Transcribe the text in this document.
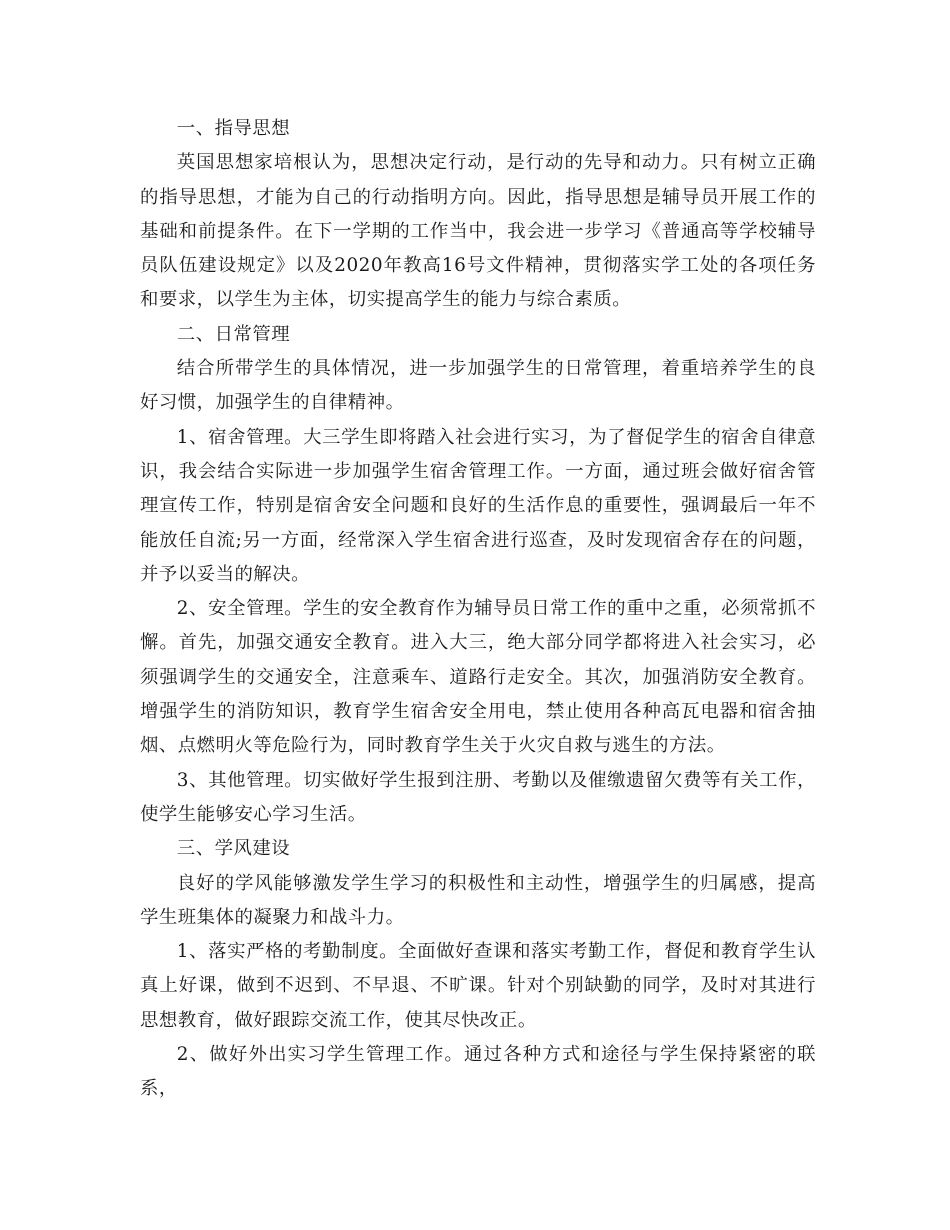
一、指导思想

英国思想家培根认为，思想决定行动，是行动的先导和动力。只有树立正确的指导思想，才能为自己的行动指明方向。因此，指导思想是辅导员开展工作的基础和前提条件。在下一学期的工作当中，我会进一步学习《普通高等学校辅导员队伍建设规定》以及2020年教高16号文件精神，贯彻落实学工处的各项任务和要求，以学生为主体，切实提高学生的能力与综合素质。

二、日常管理

结合所带学生的具体情况，进一步加强学生的日常管理，着重培养学生的良好习惯，加强学生的自律精神。

1、宿舍管理。大三学生即将踏入社会进行实习，为了督促学生的宿舍自律意识，我会结合实际进一步加强学生宿舍管理工作。一方面，通过班会做好宿舍管理宣传工作，特别是宿舍安全问题和良好的生活作息的重要性，强调最后一年不能放任自流;另一方面，经常深入学生宿舍进行巡查，及时发现宿舍存在的问题，并予以妥当的解决。

2、安全管理。学生的安全教育作为辅导员日常工作的重中之重，必须常抓不懈。首先，加强交通安全教育。进入大三，绝大部分同学都将进入社会实习，必须强调学生的交通安全，注意乘车、道路行走安全。其次，加强消防安全教育。增强学生的消防知识，教育学生宿舍安全用电，禁止使用各种高瓦电器和宿舍抽烟、点燃明火等危险行为，同时教育学生关于火灾自救与逃生的方法。

3、其他管理。切实做好学生报到注册、考勤以及催缴遗留欠费等有关工作，使学生能够安心学习生活。

三、学风建设

良好的学风能够激发学生学习的积极性和主动性，增强学生的归属感，提高学生班集体的凝聚力和战斗力。

1、落实严格的考勤制度。全面做好查课和落实考勤工作，督促和教育学生认真上好课，做到不迟到、不早退、不旷课。针对个别缺勤的同学，及时对其进行思想教育，做好跟踪交流工作，使其尽快改正。

2、做好外出实习学生管理工作。通过各种方式和途径与学生保持紧密的联系，
